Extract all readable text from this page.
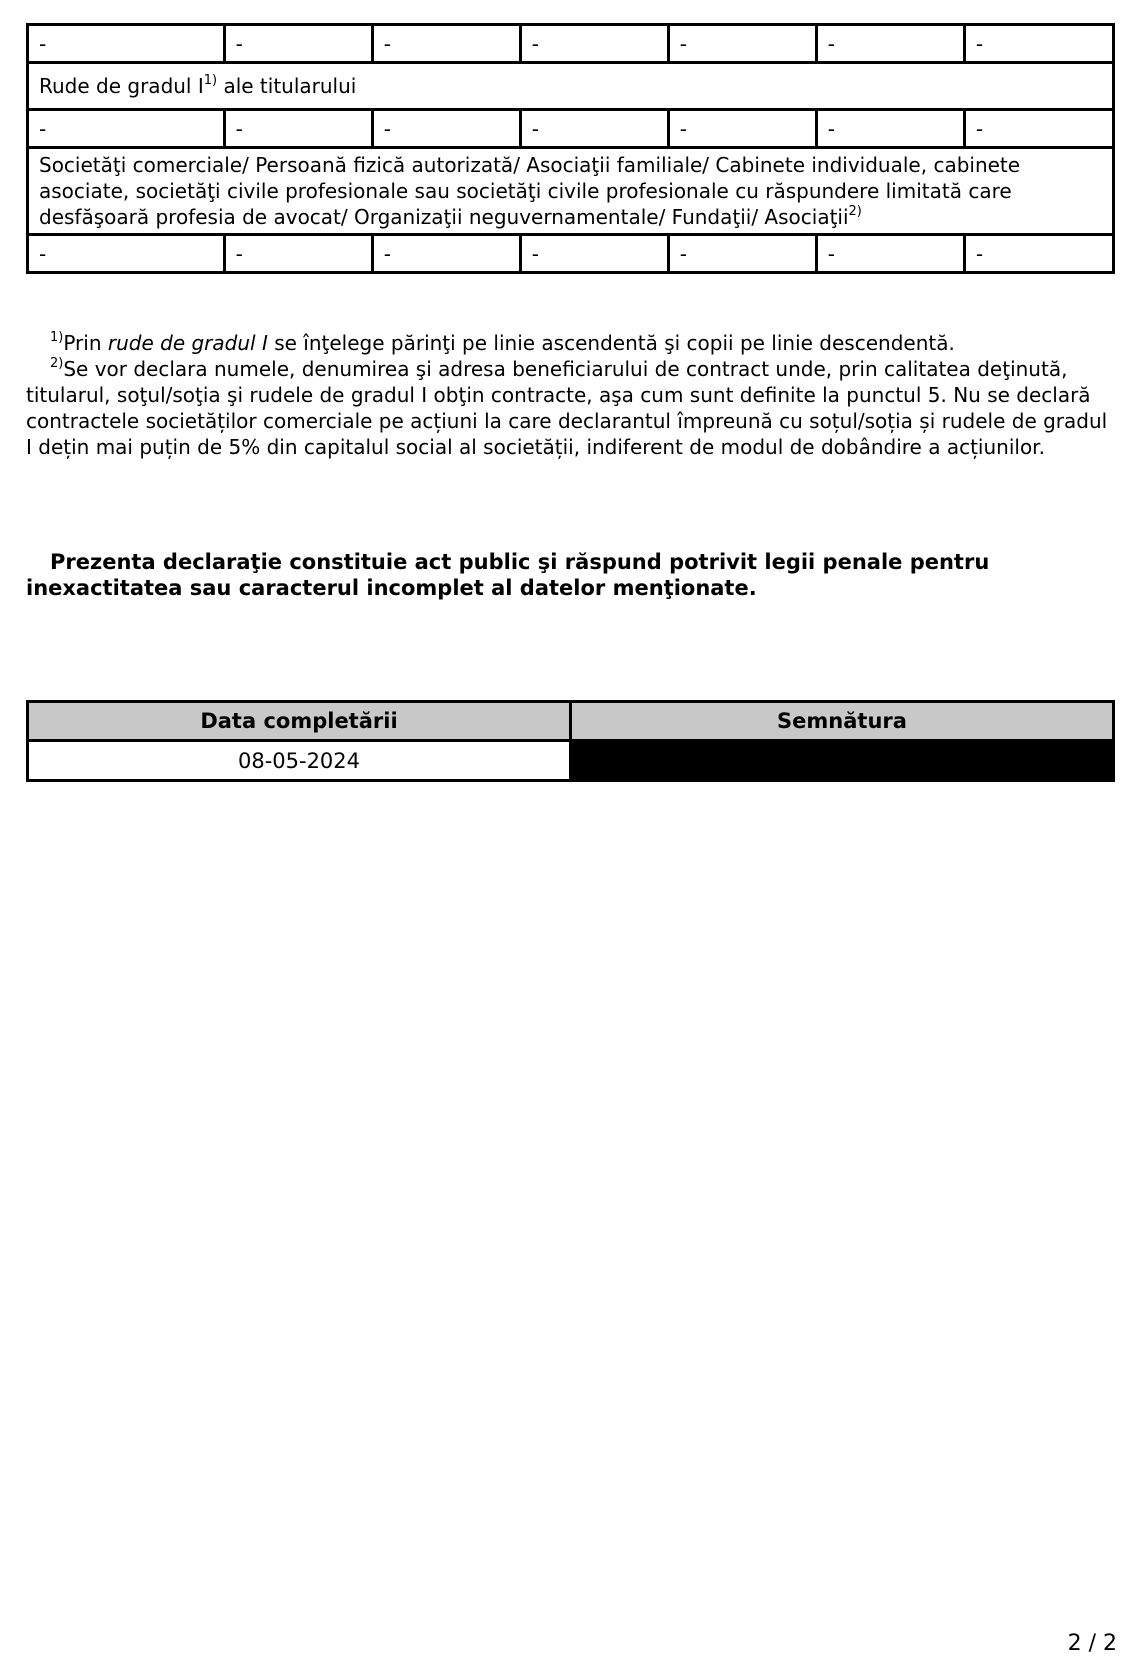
-	-	-	-	-	-	-
Rude de gradul $I^{1)}$ ale titularului						
-	-	-	-	-	-	-
Societăţi comerciale/ Persoană fizică autorizată/ Asociaţii familiale/ Cabinete individuale, cabinete asociate, societăţi civile profesionale sau societăţi civile profesionale cu răspundere limitată care desfăşoară profesia de avocat/ Organizaţii neguvernamentale/ Fundaţii/ Asociaţii$^{2)}$
-	-	-	-	-	-	-

$^{1)}$Prin rude de gradul I se înţelege părinţi pe linie ascendentă şi copii pe linie descendentă.

$^{2)}$Se vor declara numele, denumirea şi adresa beneficiarului de contract unde, prin calitatea deţinută, titularul, soţul/soţia şi rudele de gradul I obţin contracte, aşa cum sunt definite la punctul 5. Nu se declară contractele societăților comerciale pe acțiuni la care declarantul împreună cu soțul/soția și rudele de gradul I dețin mai puțin de 5% din capitalul social al societății, indiferent de modul de dobândire a acțiunilor.

Prezenta declaraţie constituie act public şi răspund potrivit legii penale pentru inexactitatea sau caracterul incomplet al datelor menţionate.
Data completării	Semnătura
08-05-2024	
2 / 2
